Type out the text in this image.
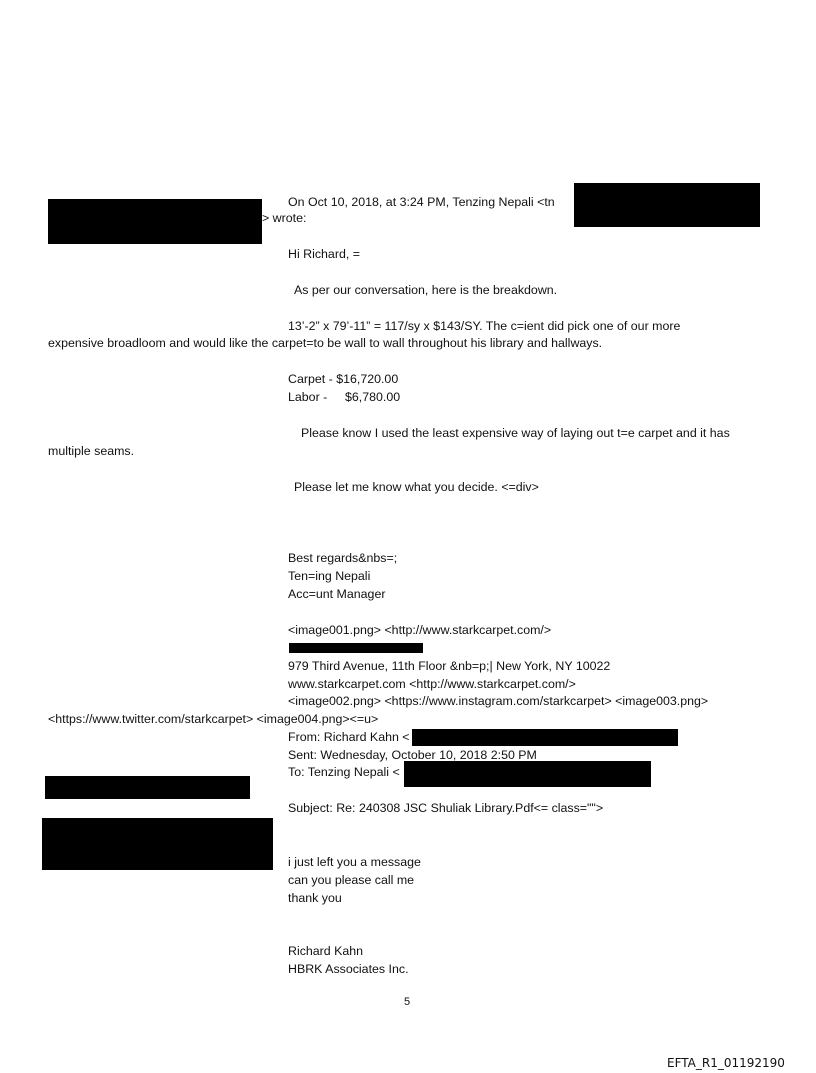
On Oct 10, 2018, at 3:24 PM, Tenzing Nepali <tn
> wrote:
Hi Richard, =
As per our conversation, here is the breakdown.
13’-2” x 79’-11” = 117/sy x $143/SY. The c=ient did pick one of our more
expensive broadloom and would like the carpet=to be wall to wall throughout his library and hallways.
Carpet - $16,720.00
Labor - $6,780.00
Please know I used the least expensive way of laying out t=e carpet and it has
multiple seams.
Please let me know what you decide. <=div>
Best regards&nbs=;
Ten=ing Nepali
Acc=unt Manager
<image001.png> <http://www.starkcarpet.com/>
979 Third Avenue, 11th Floor &nb=p;| New York, NY 10022
www.starkcarpet.com <http://www.starkcarpet.com/>
<image002.png> <https://www.instagram.com/starkcarpet> <image003.png>
<https://www.twitter.com/starkcarpet> <image004.png><=u>
From: Richard Kahn <
Sent: Wednesday, October 10, 2018 2:50 PM
To: Tenzing Nepali <
Subject: Re: 240308 JSC Shuliak Library.Pdf<= class="">
i just left you a message
can you please call me
thank you
Richard Kahn
HBRK Associates Inc.
5
EFTA_R1_01192190
